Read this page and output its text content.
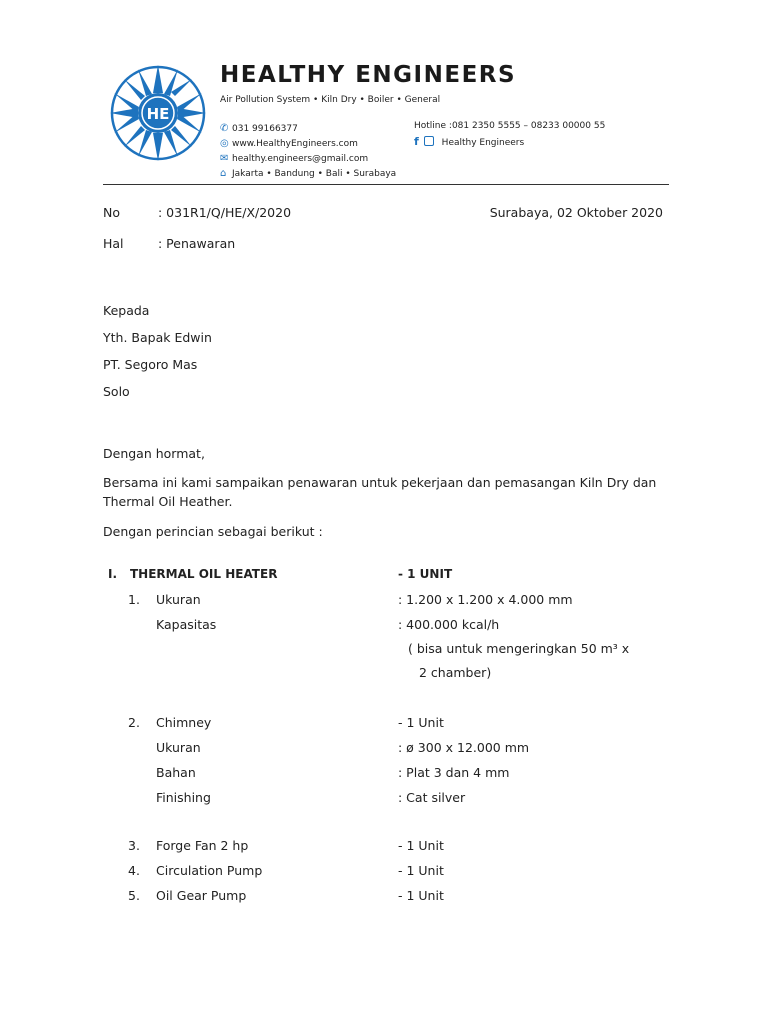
HE
HEALTHY ENGINEERS
Air Pollution System • Kiln Dry • Boiler • General
✆ 031 99166377
◎ www.HealthyEngineers.com
✉ healthy.engineers@gmail.com
⌂ Jakarta • Bandung • Bali • Surabaya
Hotline :081 2350 5555 – 08233 00000 55
f	Healthy Engineers
No	: 031R1/Q/HE/X/2020	Surabaya, 02 Oktober 2020
Hal	: Penawaran
Kepada
Yth. Bapak Edwin
PT. Segoro Mas
Solo
Dengan hormat,
Bersama ini kami sampaikan penawaran untuk pekerjaan dan pemasangan Kiln Dry dan
Thermal Oil Heather.
Dengan perincian sebagai berikut :
I. THERMAL OIL HEATER	- 1 UNIT
1. Ukuran	: 1.200 x 1.200 x 4.000 mm
Kapasitas	: 400.000 kcal/h
( bisa untuk mengeringkan 50 m³ x
2 chamber)
2. Chimney	- 1 Unit
Ukuran	: ø 300 x 12.000 mm
Bahan	: Plat 3 dan 4 mm
Finishing	: Cat silver
3. Forge Fan 2 hp	- 1 Unit
4. Circulation Pump	- 1 Unit
5. Oil Gear Pump	- 1 Unit
